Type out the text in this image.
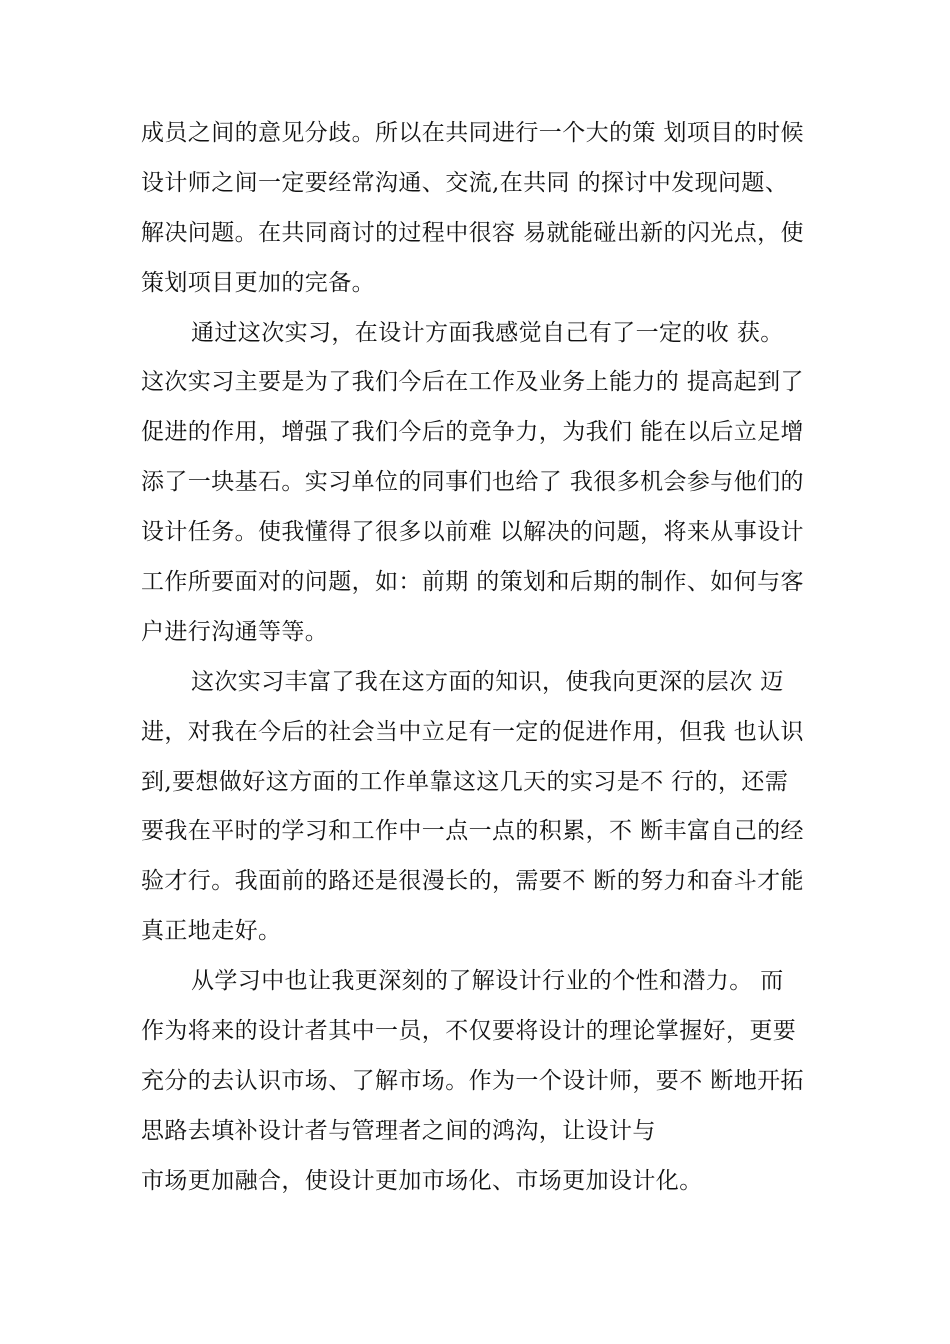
成员之间的意见分歧。所以在共同进行一个大的策 划项目的时候
设计师之间一定要经常沟通、交流,在共同 的探讨中发现问题、
解决问题。在共同商讨的过程中很容 易就能碰出新的闪光点，使
策划项目更加的完备。
通过这次实习，在设计方面我感觉自己有了一定的收 获。
这次实习主要是为了我们今后在工作及业务上能力的 提高起到了
促进的作用，增强了我们今后的竞争力，为我们 能在以后立足增
添了一块基石。实习单位的同事们也给了 我很多机会参与他们的
设计任务。使我懂得了很多以前难 以解决的问题，将来从事设计
工作所要面对的问题，如：前期 的策划和后期的制作、如何与客
户进行沟通等等。
这次实习丰富了我在这方面的知识，使我向更深的层次 迈
进，对我在今后的社会当中立足有一定的促进作用，但我 也认识
到,要想做好这方面的工作单靠这这几天的实习是不 行的，还需
要我在平时的学习和工作中一点一点的积累，不 断丰富自己的经
验才行。我面前的路还是很漫长的，需要不 断的努力和奋斗才能
真正地走好。
从学习中也让我更深刻的了解设计行业的个性和潜力。 而
作为将来的设计者其中一员，不仅要将设计的理论掌握好，更要
充分的去认识市场、了解市场。作为一个设计师，要不 断地开拓
思路去填补设计者与管理者之间的鸿沟，让设计与
市场更加融合，使设计更加市场化、市场更加设计化。
